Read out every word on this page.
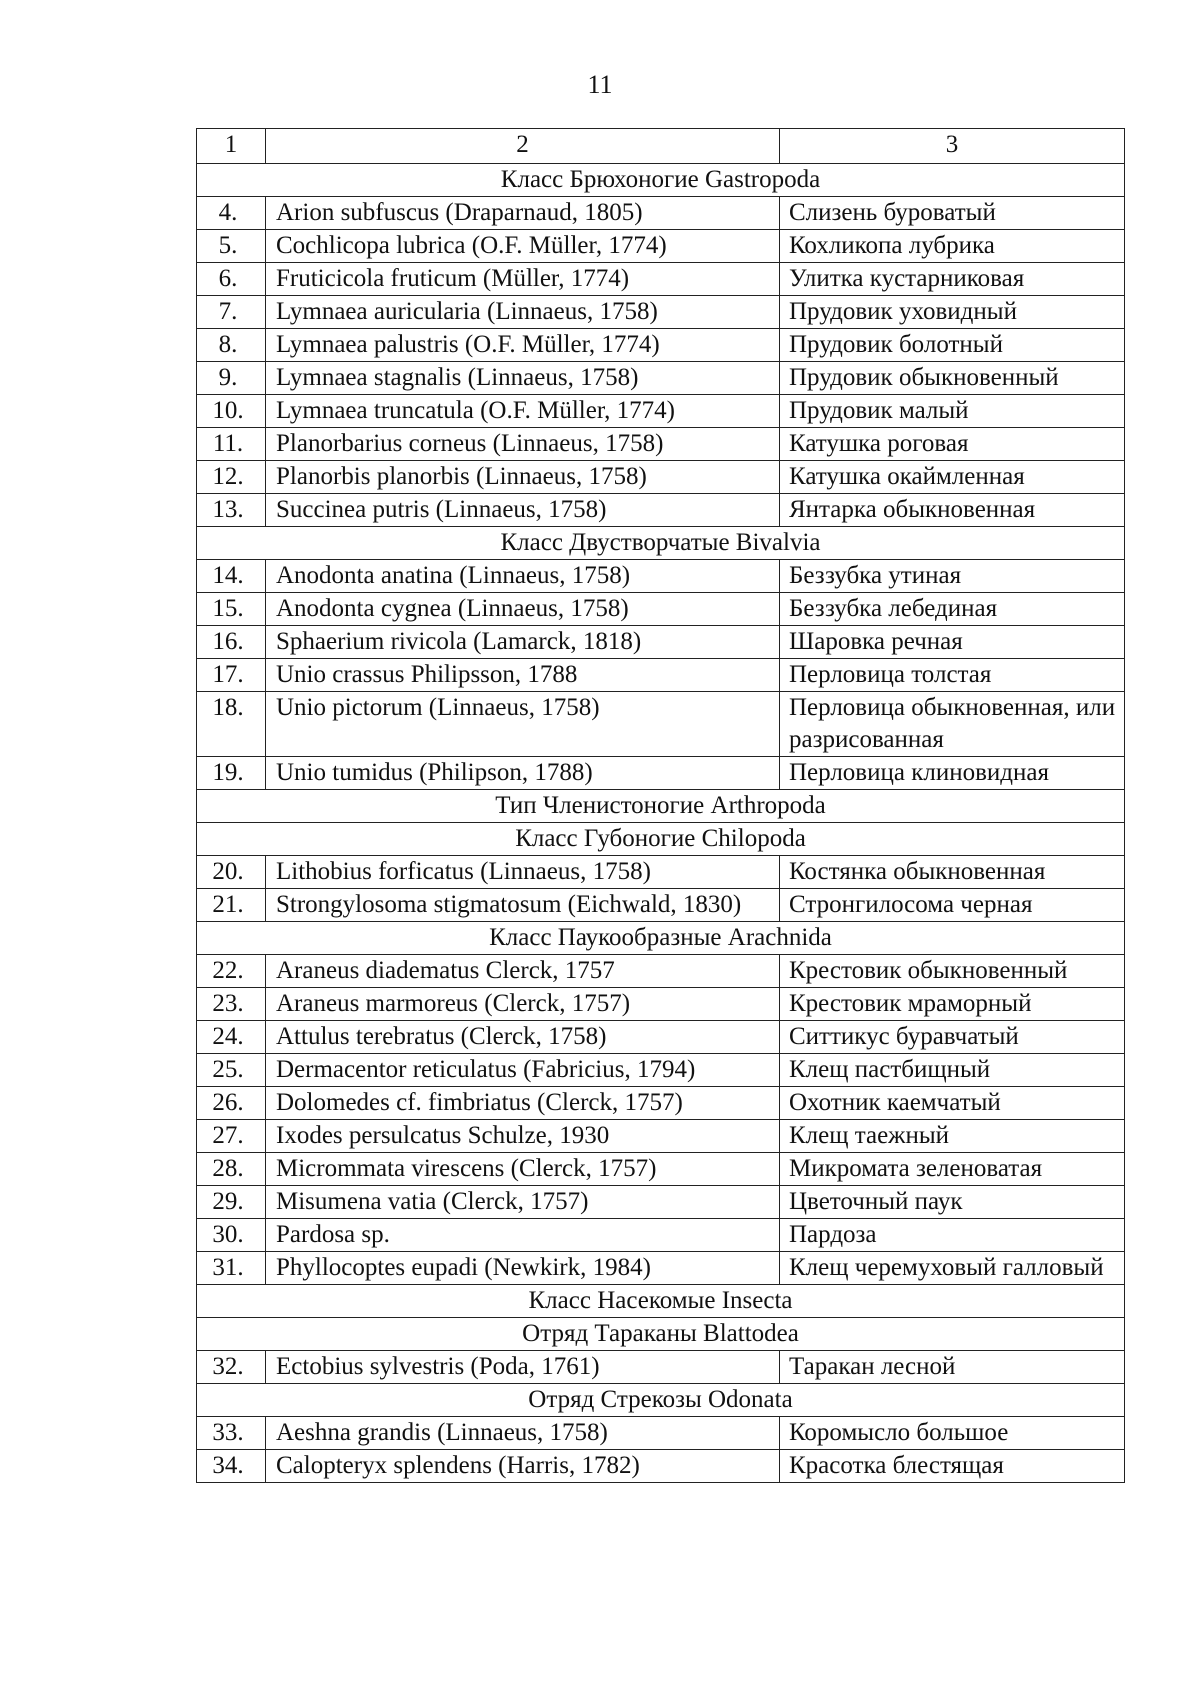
11
1	2	3
Класс Брюхоногие Gastropoda		
4.	Arion subfuscus (Draparnaud, 1805)	Слизень буроватый
5.	Cochlicopa lubrica (O.F. Müller, 1774)	Кохликопа лубрика
6.	Fruticicola fruticum (Müller, 1774)	Улитка кустарниковая
7.	Lymnaea auricularia (Linnaeus, 1758)	Прудовик уховидный
8.	Lymnaea palustris (O.F. Müller, 1774)	Прудовик болотный
9.	Lymnaea stagnalis (Linnaeus, 1758)	Прудовик обыкновенный
10.	Lymnaea truncatula (O.F. Müller, 1774)	Прудовик малый
11.	Planorbarius corneus (Linnaeus, 1758)	Катушка роговая
12.	Planorbis planorbis (Linnaeus, 1758)	Катушка окаймленная
13.	Succinea putris (Linnaeus, 1758)	Янтарка обыкновенная
Класс Двустворчатые Bivalvia		
14.	Anodonta anatina (Linnaeus, 1758)	Беззубка утиная
15.	Anodonta cygnea (Linnaeus, 1758)	Беззубка лебединая
16.	Sphaerium rivicola (Lamarck, 1818)	Шаровка речная
17.	Unio crassus Philipsson, 1788	Перловица толстая
18.	Unio pictorum (Linnaeus, 1758)	Перловица обыкновенная, или разрисованная
19.	Unio tumidus (Philipson, 1788)	Перловица клиновидная
Тип Членистоногие Arthropoda		
Класс Губоногие Chilopoda		
20.	Lithobius forficatus (Linnaeus, 1758)	Костянка обыкновенная
21.	Strongylosoma stigmatosum (Eichwald, 1830)	Стронгилосома черная
Класс Паукообразные Arachnida		
22.	Araneus diadematus Clerck, 1757	Крестовик обыкновенный
23.	Araneus marmoreus (Clerck, 1757)	Крестовик мраморный
24.	Attulus terebratus (Clerck, 1758)	Ситтикус буравчатый
25.	Dermacentor reticulatus (Fabricius, 1794)	Клещ пастбищный
26.	Dolomedes cf. fimbriatus (Clerck, 1757)	Охотник каемчатый
27.	Ixodes persulcatus Schulze, 1930	Клещ таежный
28.	Micrommata virescens (Clerck, 1757)	Микромата зеленоватая
29.	Misumena vatia (Clerck, 1757)	Цветочный паук
30.	Pardosa sp.	Пардоза
31.	Phyllocoptes eupadi (Newkirk, 1984)	Клещ черемуховый галловый
Класс Насекомые Insecta		
Отряд Тараканы Blattodea		
32.	Ectobius sylvestris (Poda, 1761)	Таракан лесной
Отряд Стрекозы Odonata		
33.	Aeshna grandis (Linnaeus, 1758)	Коромысло большое
34.	Calopteryx splendens (Harris, 1782)	Красотка блестящая
